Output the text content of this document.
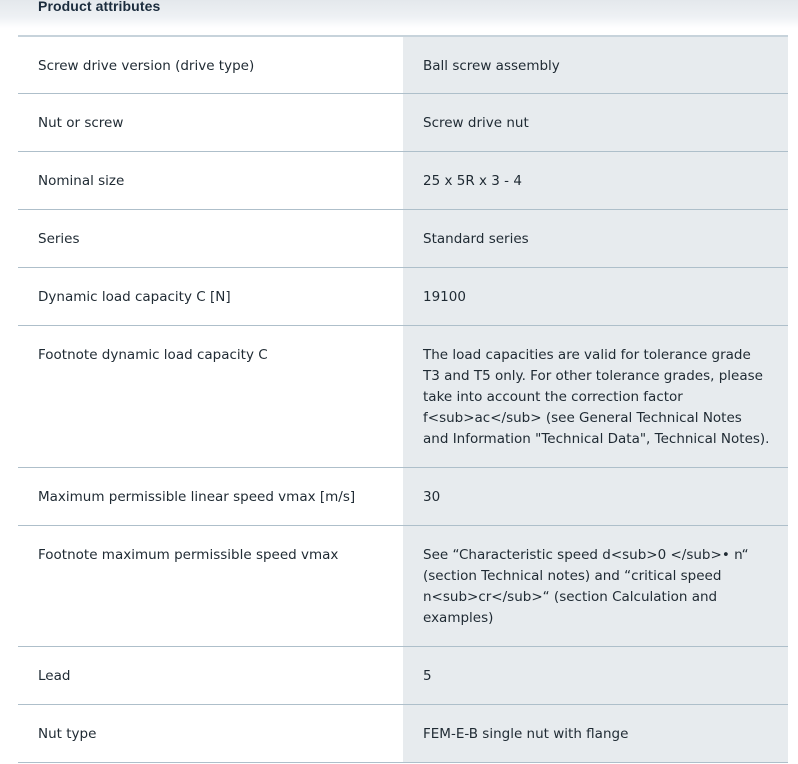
Product attributes
Screw drive version (drive type)	Ball screw assembly
Nut or screw	Screw drive nut
Nominal size	25 x 5R x 3 - 4
Series	Standard series
Dynamic load capacity C [N]	19100
Footnote dynamic load capacity C	The load capacities are valid for tolerance grade T3 and T5 only. For other tolerance grades, please take into account the correction factor f<sub>ac</sub> (see General Technical Notes and Information "Technical Data", Technical Notes).
Maximum permissible linear speed vmax [m/s]	30
Footnote maximum permissible speed vmax	See “Characteristic speed d<sub>0 </sub>• n“ (section Technical notes) and “critical speed n<sub>cr</sub>“ (section Calculation and examples)
Lead	5
Nut type	FEM-E-B single nut with flange
